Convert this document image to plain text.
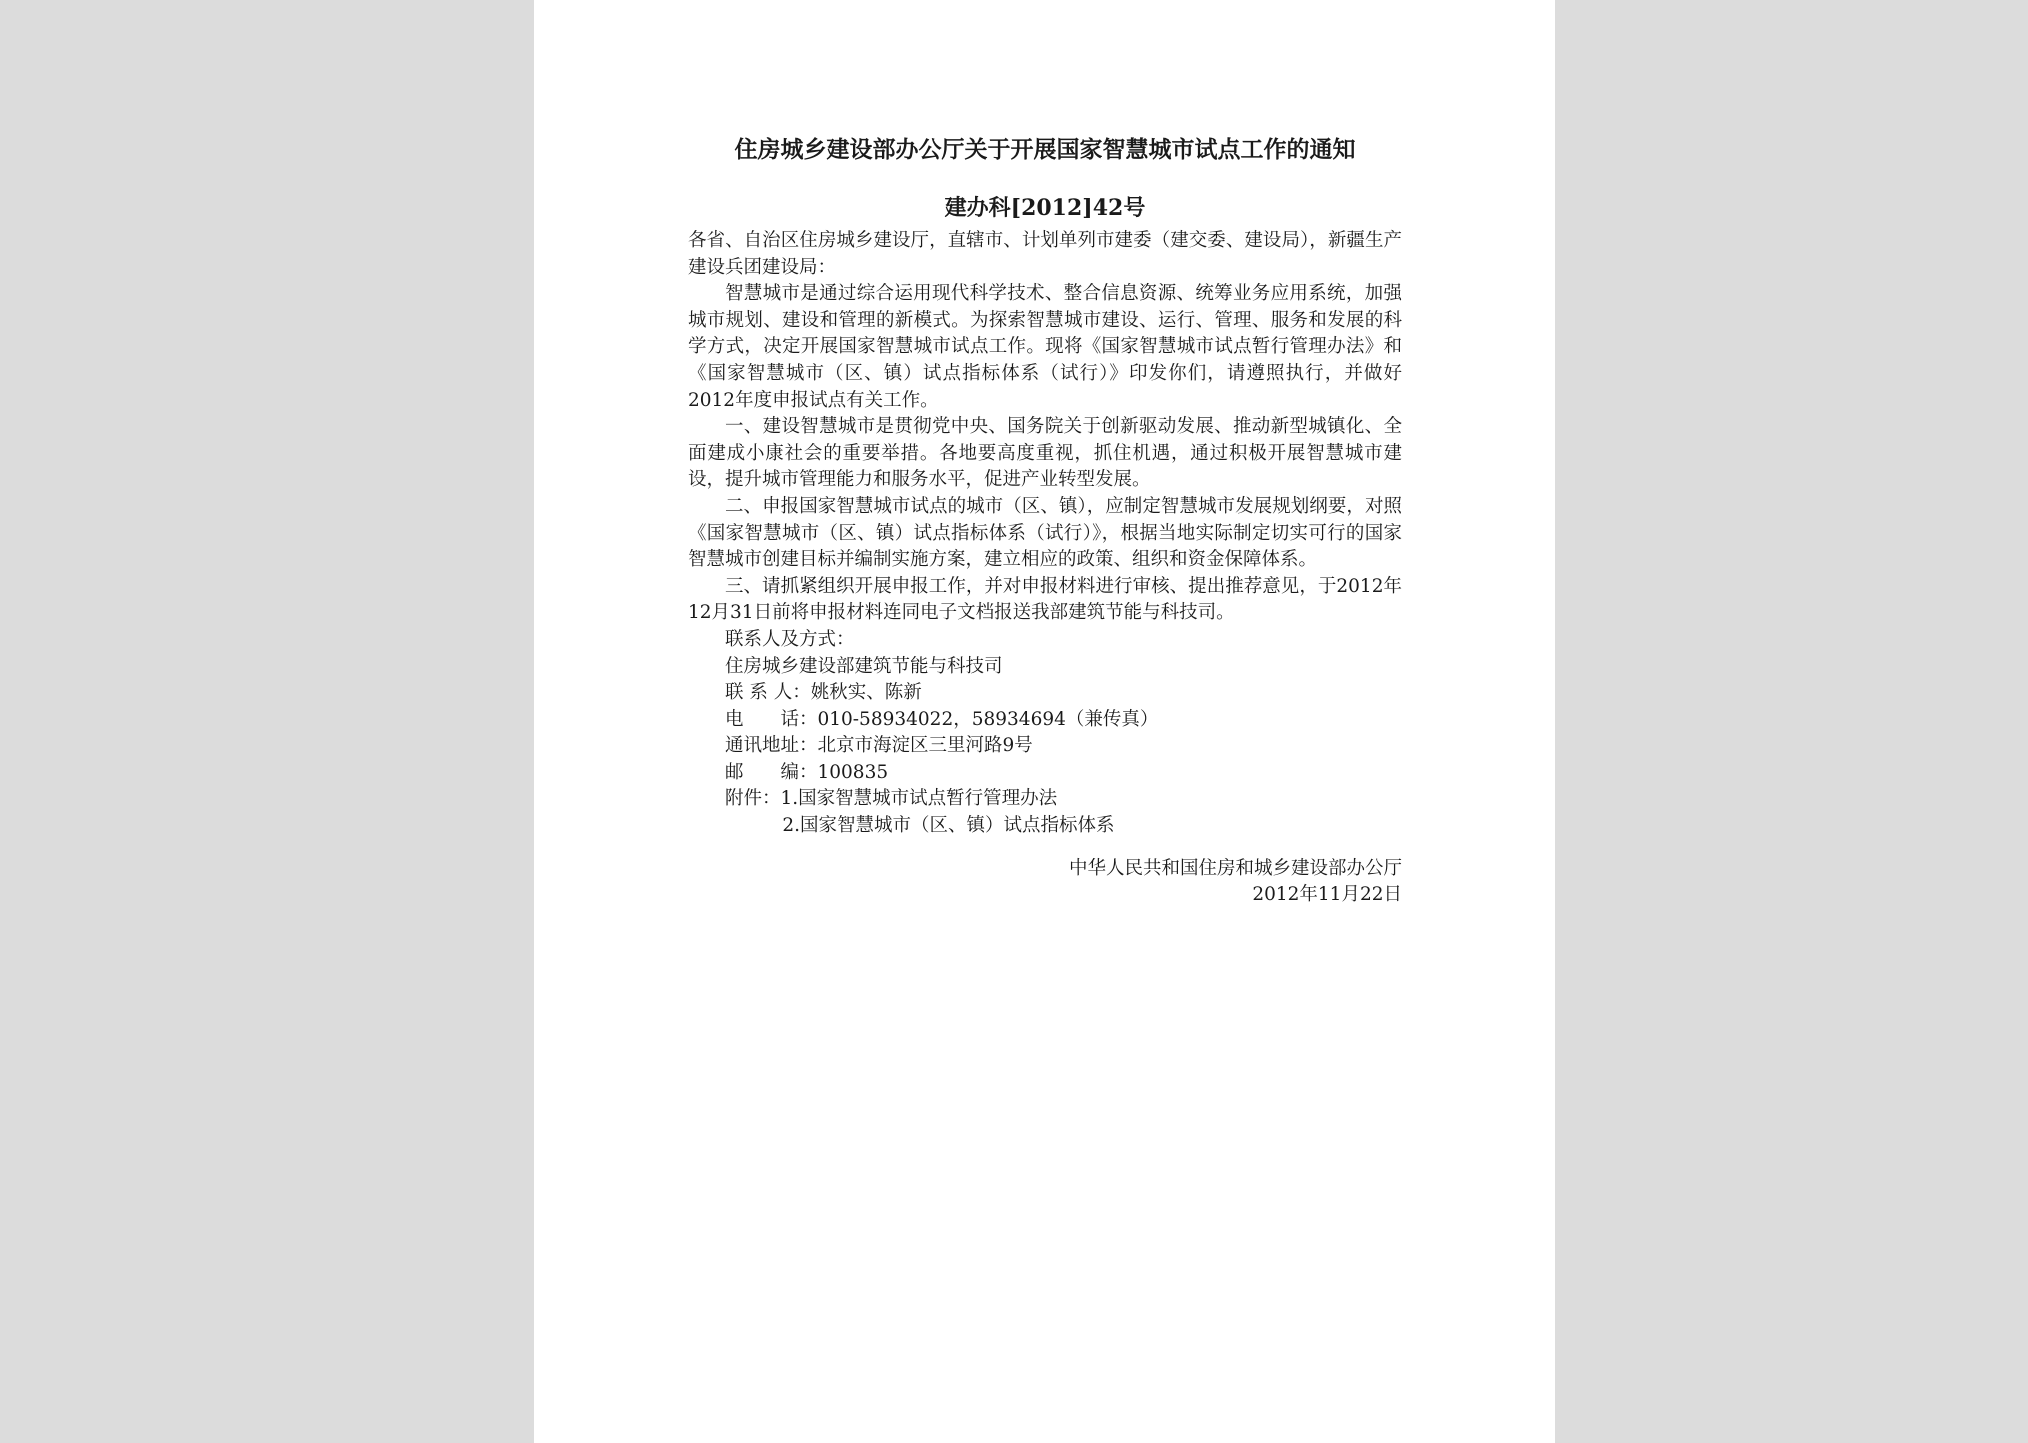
住房城乡建设部办公厅关于开展国家智慧城市试点工作的通知
建办科[2012]42号

各省、自治区住房城乡建设厅，直辖市、计划单列市建委（建交委、建设局），新疆生产建设兵团建设局：

智慧城市是通过综合运用现代科学技术、整合信息资源、统筹业务应用系统，加强城市规划、建设和管理的新模式。为探索智慧城市建设、运行、管理、服务和发展的科学方式，决定开展国家智慧城市试点工作。现将《国家智慧城市试点暂行管理办法》和《国家智慧城市（区、镇）试点指标体系（试行）》印发你们，请遵照执行，并做好2012年度申报试点有关工作。

一、建设智慧城市是贯彻党中央、国务院关于创新驱动发展、推动新型城镇化、全面建成小康社会的重要举措。各地要高度重视，抓住机遇，通过积极开展智慧城市建设，提升城市管理能力和服务水平，促进产业转型发展。

二、申报国家智慧城市试点的城市（区、镇），应制定智慧城市发展规划纲要，对照《国家智慧城市（区、镇）试点指标体系（试行）》，根据当地实际制定切实可行的国家智慧城市创建目标并编制实施方案，建立相应的政策、组织和资金保障体系。

三、请抓紧组织开展申报工作，并对申报材料进行审核、提出推荐意见，于2012年12月31日前将申报材料连同电子文档报送我部建筑节能与科技司。

联系人及方式：
住房城乡建设部建筑节能与科技司
联 系 人：姚秋实、陈新
电　　话：010-58934022，58934694（兼传真）
通讯地址：北京市海淀区三里河路9号
邮　　编：100835
附件：1.国家智慧城市试点暂行管理办法
2.国家智慧城市（区、镇）试点指标体系
中华人民共和国住房和城乡建设部办公厅
2012年11月22日
